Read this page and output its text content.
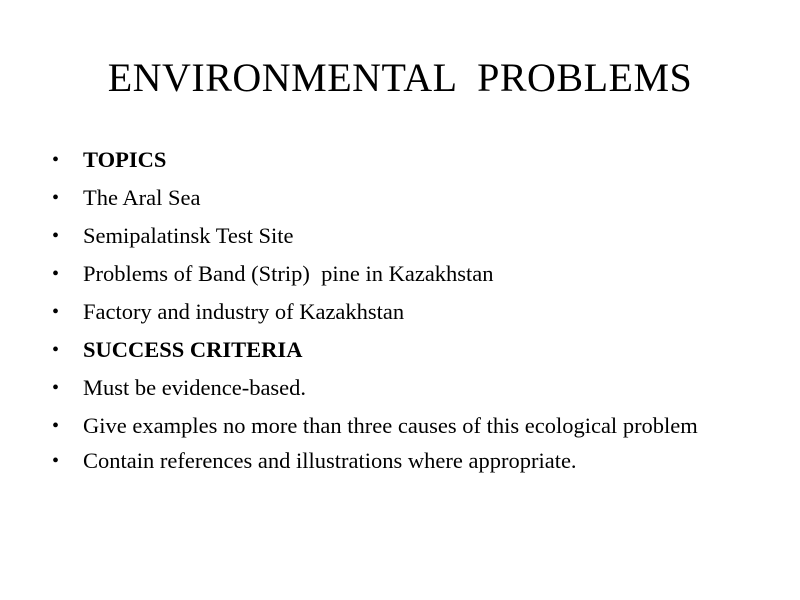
ENVIRONMENTAL  PROBLEMS
•	TOPICS
•	The Aral Sea
•	Semipalatinsk Test Site
•	Problems of Band (Strip)  pine in Kazakhstan
•	Factory and industry of Kazakhstan
•	SUCCESS CRITERIA
•	Must be evidence-based.
•	Give examples no more than three causes of this ecological problem
•	Contain references and illustrations where appropriate.
